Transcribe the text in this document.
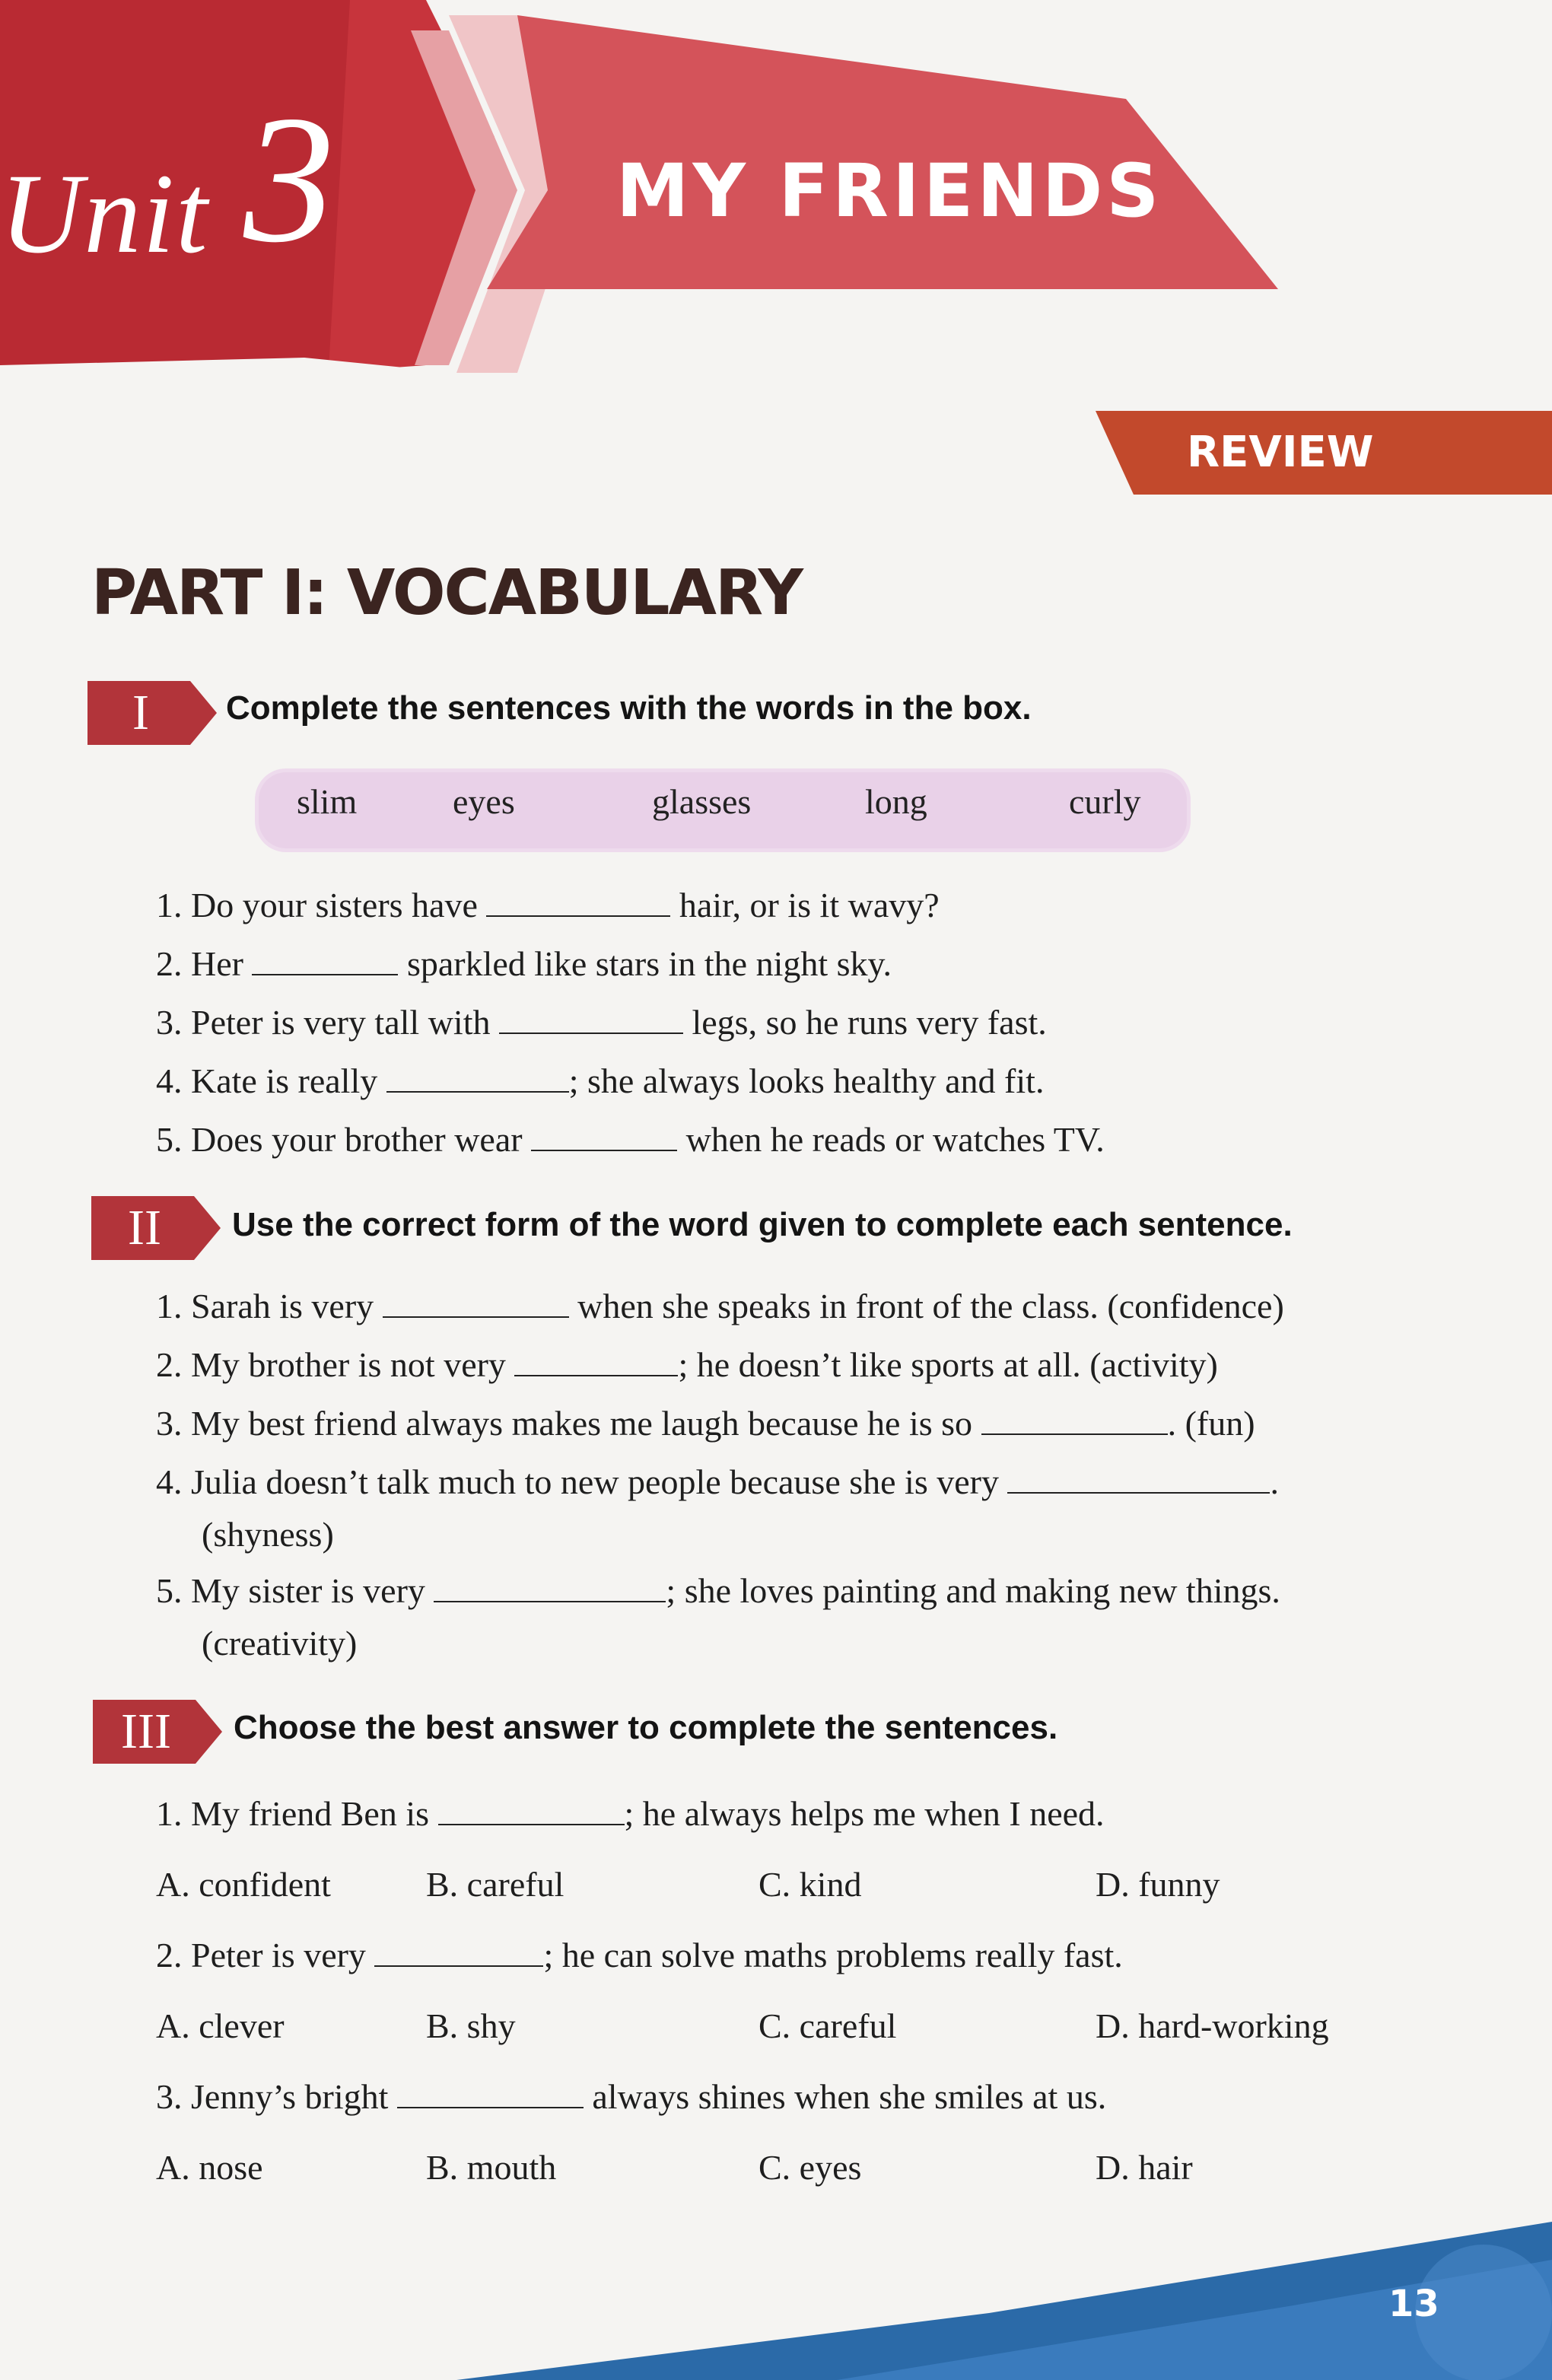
Unit 3	MY FRIENDS
REVIEW
PART I: VOCABULARY
I	Complete the sentences with the words in the box.
slim	eyes	glasses	long	curly
1. Do your sisters have	hair, or is it wavy?
2. Her	sparkled like stars in the night sky.
3. Peter is very tall with	legs, so he runs very fast.
4. Kate is really	; she always looks healthy and fit.
5. Does your brother wear	when he reads or watches TV.
II	Use the correct form of the word given to complete each sentence.
1. Sarah is very	when she speaks in front of the class. (confidence)
2. My brother is not very	; he doesn’t like sports at all. (activity)
3. My best friend always makes me laugh because he is so	. (fun)
4. Julia doesn’t talk much to new people because she is very	.
(shyness)
5. My sister is very	; she loves painting and making new things.
(creativity)
III	Choose the best answer to complete the sentences.
1. My friend Ben is	; he always helps me when I need.
A. confident	B. careful	C. kind	D. funny
2. Peter is very	; he can solve maths problems really fast.
A. clever	B. shy	C. careful	D. hard-working
3. Jenny’s bright	always shines when she smiles at us.
A. nose	B. mouth	C. eyes	D. hair
13
